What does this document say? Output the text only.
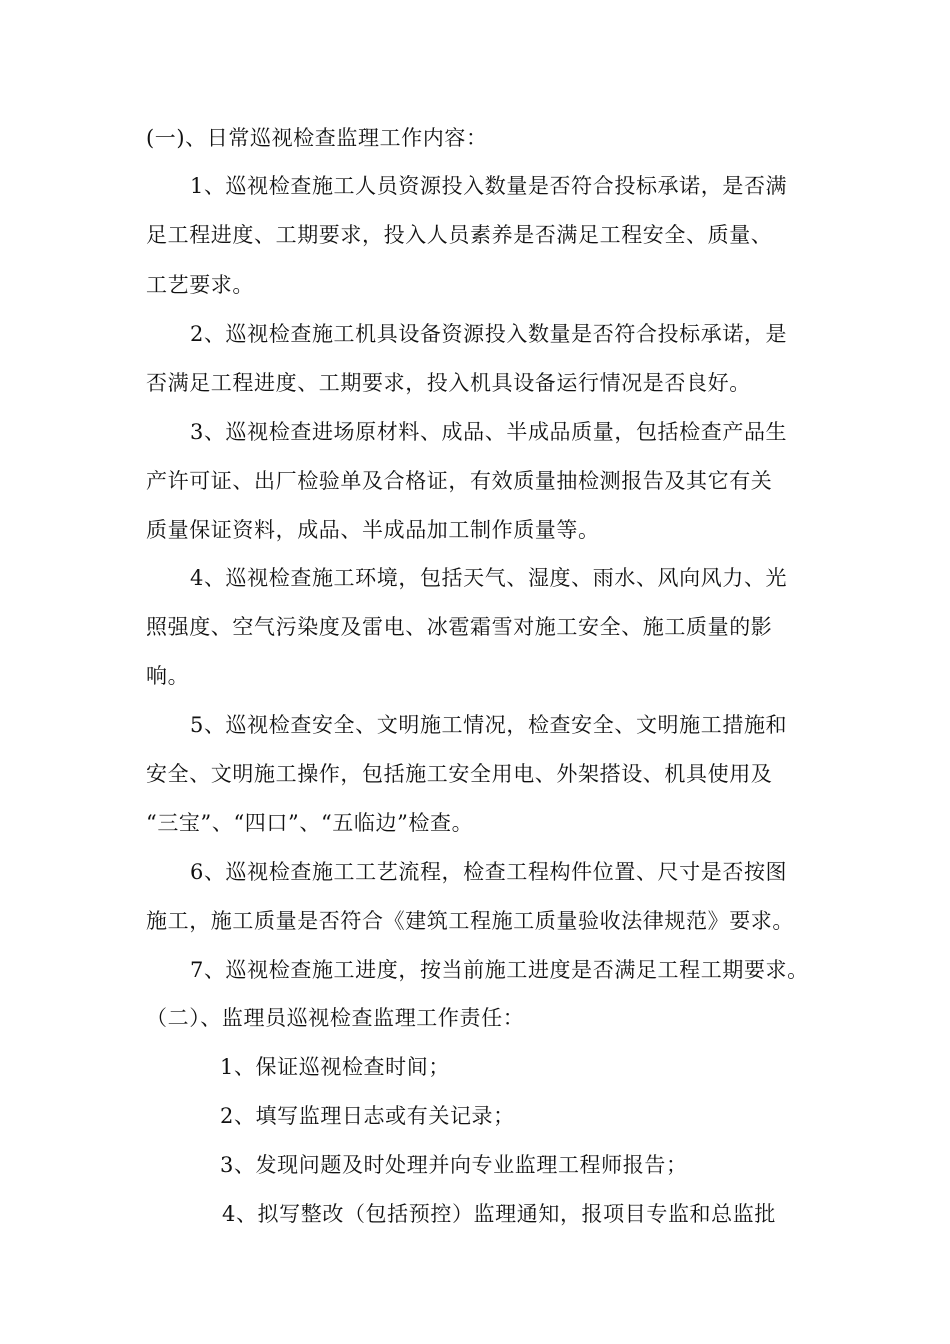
(一)、日常巡视检查监理工作内容：
1、巡视检查施工人员资源投入数量是否符合投标承诺，是否满
足工程进度、工期要求，投入人员素养是否满足工程安全、质量、
工艺要求。
2、巡视检查施工机具设备资源投入数量是否符合投标承诺，是
否满足工程进度、工期要求，投入机具设备运行情况是否良好。
3、巡视检查进场原材料、成品、半成品质量，包括检查产品生
产许可证、出厂检验单及合格证，有效质量抽检测报告及其它有关
质量保证资料，成品、半成品加工制作质量等。
4、巡视检查施工环境，包括天气、湿度、雨水、风向风力、光
照强度、空气污染度及雷电、冰雹霜雪对施工安全、施工质量的影
响。
5、巡视检查安全、文明施工情况，检查安全、文明施工措施和
安全、文明施工操作，包括施工安全用电、外架搭设、机具使用及
“三宝”、“四口”、“五临边”检查。
6、巡视检查施工工艺流程，检查工程构件位置、尺寸是否按图
施工，施工质量是否符合《建筑工程施工质量验收法律规范》要求。
7、巡视检查施工进度，按当前施工进度是否满足工程工期要求。
（二）、监理员巡视检查监理工作责任：
1、保证巡视检查时间；
2、填写监理日志或有关记录；
3、发现问题及时处理并向专业监理工程师报告；
4、拟写整改（包括预控）监理通知，报项目专监和总监批
